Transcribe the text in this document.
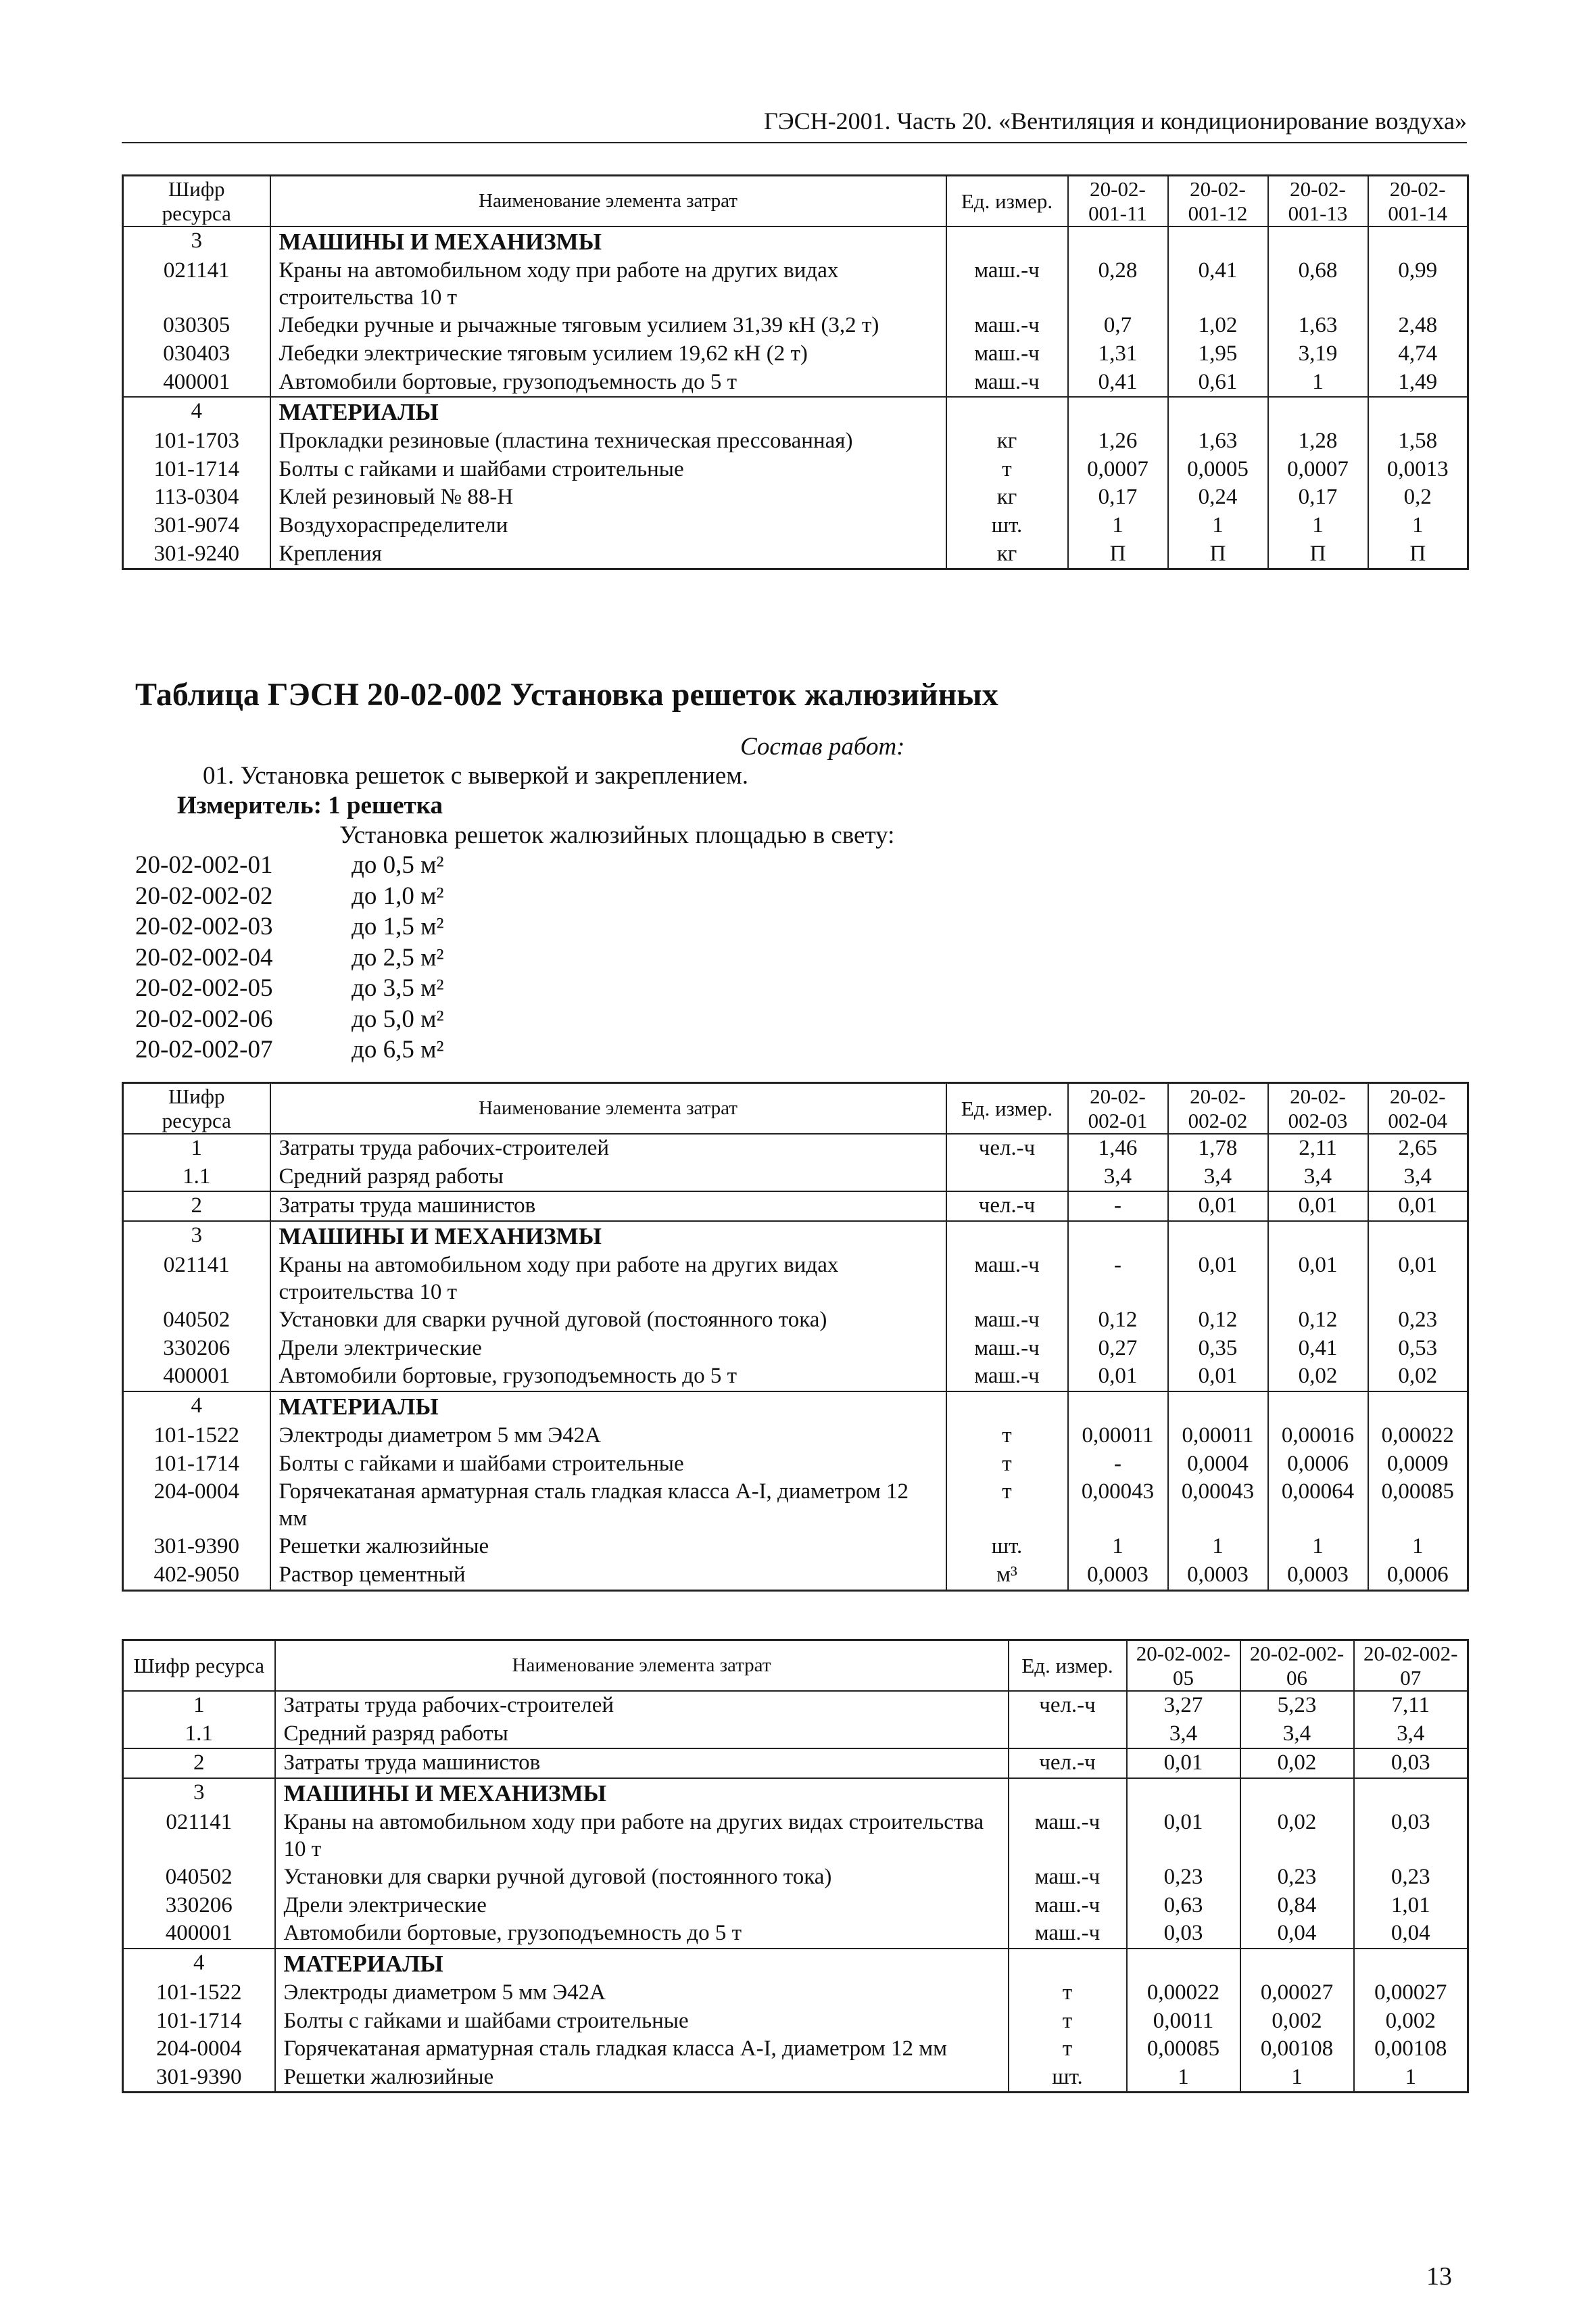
ГЭСН-2001. Часть 20. «Вентиляция и кондиционирование воздуха»
Шифр ресурса	Наименование элемента затрат	Ед. измер.	20-02-001-11	20-02-001-12	20-02-001-13	20-02-001-14
3	МАШИНЫ И МЕХАНИЗМЫ					
021141	Краны на автомобильном ходу при работе на других видах строительства 10 т	маш.-ч	0,28	0,41	0,68	0,99
030305	Лебедки ручные и рычажные тяговым усилием 31,39 кН (3,2 т)	маш.-ч	0,7	1,02	1,63	2,48
030403	Лебедки электрические тяговым усилием 19,62 кН (2 т)	маш.-ч	1,31	1,95	3,19	4,74
400001	Автомобили бортовые, грузоподъемность до 5 т	маш.-ч	0,41	0,61	1	1,49
4	МАТЕРИАЛЫ					
101-1703	Прокладки резиновые (пластина техническая прессованная)	кг	1,26	1,63	1,28	1,58
101-1714	Болты с гайками и шайбами строительные	т	0,0007	0,0005	0,0007	0,0013
113-0304	Клей резиновый № 88-Н	кг	0,17	0,24	0,17	0,2
301-9074	Воздухораспределители	шт.	1	1	1	1
301-9240	Крепления	кг	П	П	П	П
Таблица ГЭСН 20-02-002 Установка решеток жалюзийных
Состав работ:
01. Установка решеток с выверкой и закреплением.
Измеритель: 1 решетка
Установка решеток жалюзийных площадью в свету:
20-02-002-01	до 0,5 м²
20-02-002-02	до 1,0 м²
20-02-002-03	до 1,5 м²
20-02-002-04	до 2,5 м²
20-02-002-05	до 3,5 м²
20-02-002-06	до 5,0 м²
20-02-002-07	до 6,5 м²
Шифр ресурса	Наименование элемента затрат	Ед. измер.	20-02-002-01	20-02-002-02	20-02-002-03	20-02-002-04
1	Затраты труда рабочих-строителей	чел.-ч	1,46	1,78	2,11	2,65
1.1	Средний разряд работы		3,4	3,4	3,4	3,4
2	Затраты труда машинистов	чел.-ч	-	0,01	0,01	0,01
3	МАШИНЫ И МЕХАНИЗМЫ					
021141	Краны на автомобильном ходу при работе на других видах строительства 10 т	маш.-ч	-	0,01	0,01	0,01
040502	Установки для сварки ручной дуговой (постоянного тока)	маш.-ч	0,12	0,12	0,12	0,23
330206	Дрели электрические	маш.-ч	0,27	0,35	0,41	0,53
400001	Автомобили бортовые, грузоподъемность до 5 т	маш.-ч	0,01	0,01	0,02	0,02
4	МАТЕРИАЛЫ					
101-1522	Электроды диаметром 5 мм Э42А	т	0,00011	0,00011	0,00016	0,00022
101-1714	Болты с гайками и шайбами строительные	т	-	0,0004	0,0006	0,0009
204-0004	Горячекатаная арматурная сталь гладкая класса А-I, диаметром 12 мм	т	0,00043	0,00043	0,00064	0,00085
301-9390	Решетки жалюзийные	шт.	1	1	1	1
402-9050	Раствор цементный	м³	0,0003	0,0003	0,0003	0,0006
Шифр ресурса	Наименование элемента затрат	Ед. измер.	20-02-002-05	20-02-002-06	20-02-002-07
1	Затраты труда рабочих-строителей	чел.-ч	3,27	5,23	7,11
1.1	Средний разряд работы		3,4	3,4	3,4
2	Затраты труда машинистов	чел.-ч	0,01	0,02	0,03
3	МАШИНЫ И МЕХАНИЗМЫ				
021141	Краны на автомобильном ходу при работе на других видах строительства 10 т	маш.-ч	0,01	0,02	0,03
040502	Установки для сварки ручной дуговой (постоянного тока)	маш.-ч	0,23	0,23	0,23
330206	Дрели электрические	маш.-ч	0,63	0,84	1,01
400001	Автомобили бортовые, грузоподъемность до 5 т	маш.-ч	0,03	0,04	0,04
4	МАТЕРИАЛЫ				
101-1522	Электроды диаметром 5 мм Э42А	т	0,00022	0,00027	0,00027
101-1714	Болты с гайками и шайбами строительные	т	0,0011	0,002	0,002
204-0004	Горячекатаная арматурная сталь гладкая класса А-I, диаметром 12 мм	т	0,00085	0,00108	0,00108
301-9390	Решетки жалюзийные	шт.	1	1	1
13
